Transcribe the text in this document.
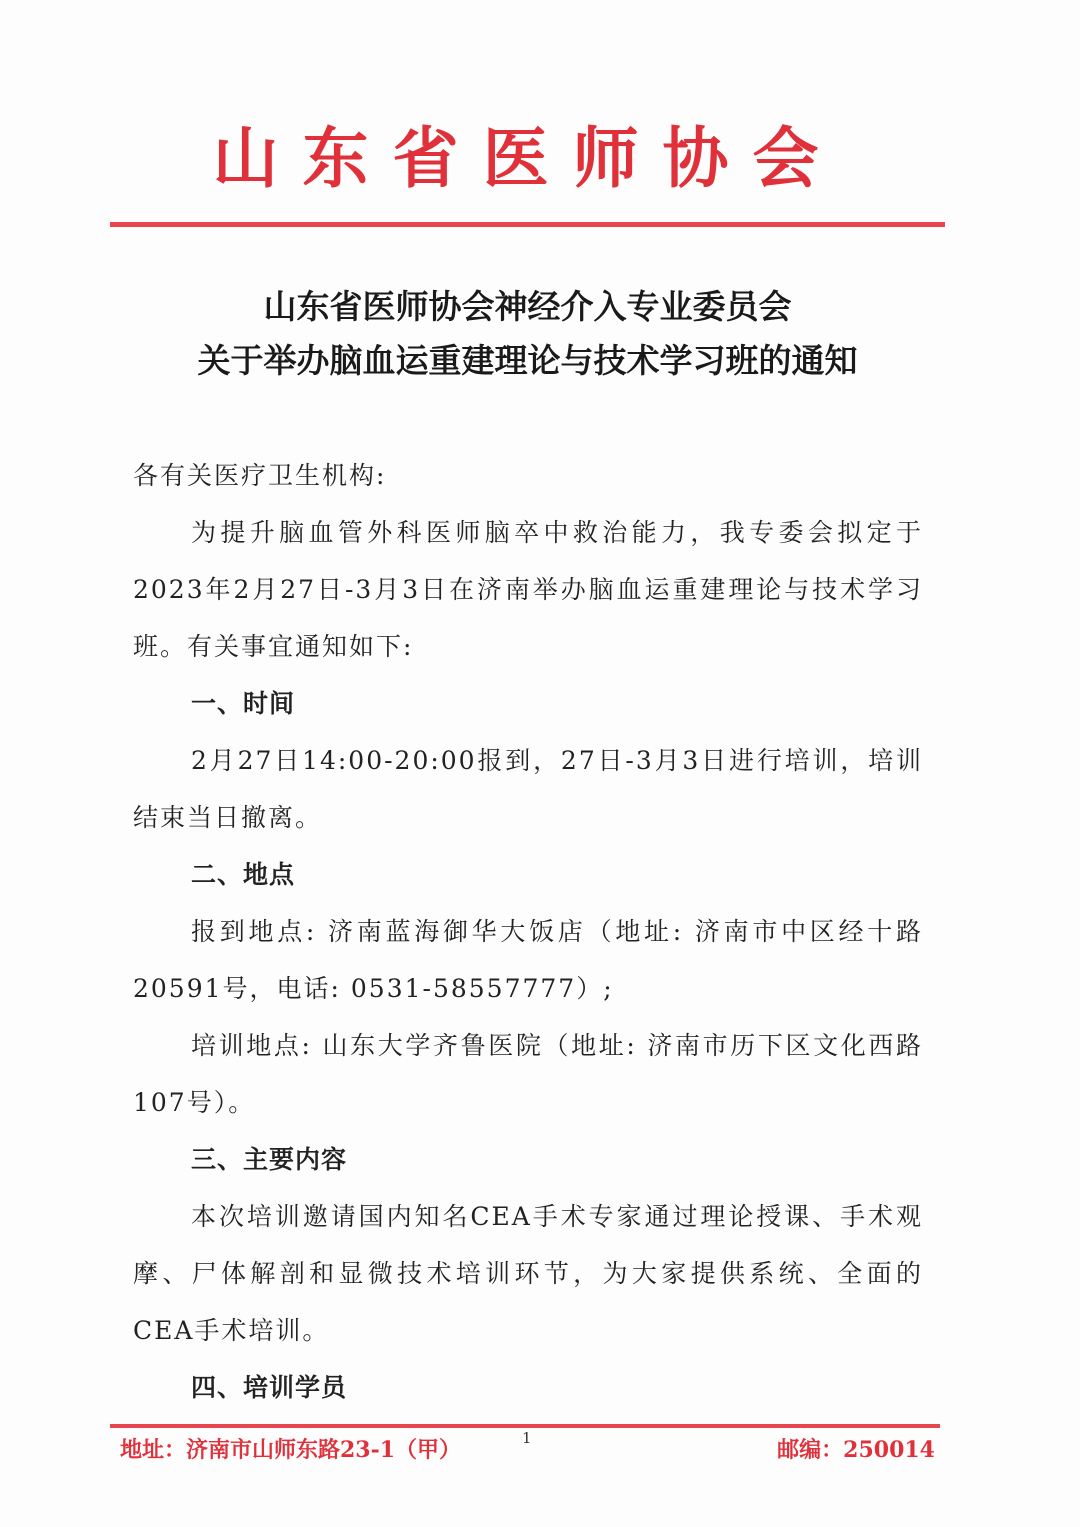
山东省医师协会
山东省医师协会神经介入专业委员会
关于举办脑血运重建理论与技术学习班的通知

各有关医疗卫生机构:

为提升脑血管外科医师脑卒中救治能力，我专委会拟定于2023年2月27日-3月3日在济南举办脑血运重建理论与技术学习班。有关事宜通知如下:

一、时间

2月27日14:00-20:00报到，27日-3月3日进行培训，培训结束当日撤离。

二、地点

报到地点: 济南蓝海御华大饭店（地址: 济南市中区经十路20591号，电话: 0531-58557777）;

培训地点: 山东大学齐鲁医院（地址: 济南市历下区文化西路107号）。

三、主要内容

本次培训邀请国内知名CEA手术专家通过理论授课、手术观摩、尸体解剖和显微技术培训环节，为大家提供系统、全面的CEA手术培训。

四、培训学员

地址：济南市山师东路23-1（甲）	1	邮编：250014
